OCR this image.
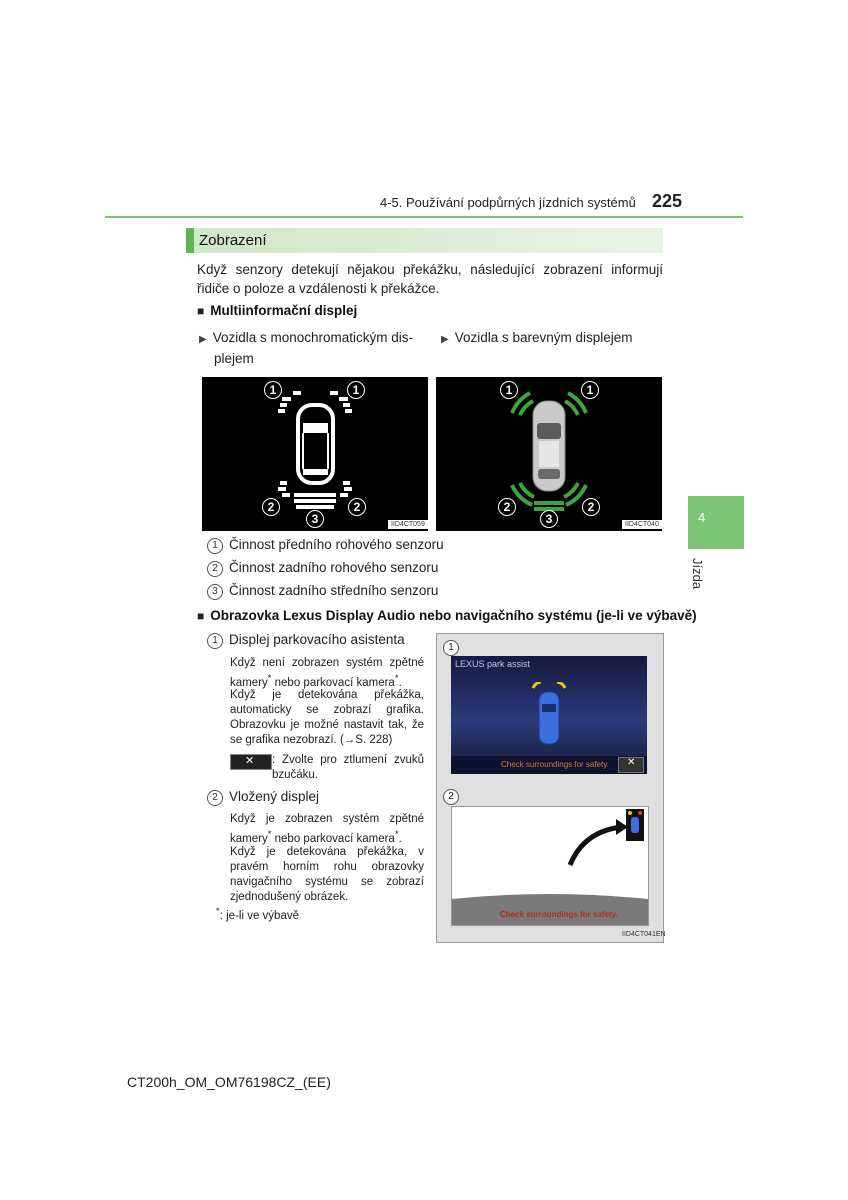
4-5. Používání podpůrných jízdních systémů 225
Zobrazení
Když senzory detekují nějakou překážku, následující zobrazení informují řidiče o poloze a vzdálenosti k překážce.
■ Multiinformační displej
▶ Vozidla s monochromatickým dis-
plejem
▶ Vozidla s barevným displejem
1	1
2	2
3	IID4CT059
1	1
2	2
3	IID4CT040
1 Činnost předního rohového senzoru
2 Činnost zadního rohového senzoru
3 Činnost zadního středního senzoru
■ Obrazovka Lexus Display Audio nebo navigačního systému (je-li ve výbavě)
1 Displej parkovacího asistenta
Když není zobrazen systém zpětné kamery* nebo parkovací kamera*.
Když je detekována překážka, automaticky se zobrazí grafika. Obrazovku je možné nastavit tak, že se grafika nezobrazí. (→S. 228)
✕ : Zvolte pro ztlumení zvuků bzučáku.
2 Vložený displej
Když je zobrazen systém zpětné kamery* nebo parkovací kamera*.
Když je detekována překážka, v pravém horním rohu obrazovky navigačního systému se zobrazí zjednodušený obrázek.
*: je-li ve výbavě
1
LEXUS park assist
Check surroundings for safety. ✕
2
Check surroundings for safety.
IID4CT041EN
4
Jízda
CT200h_OM_OM76198CZ_(EE)
